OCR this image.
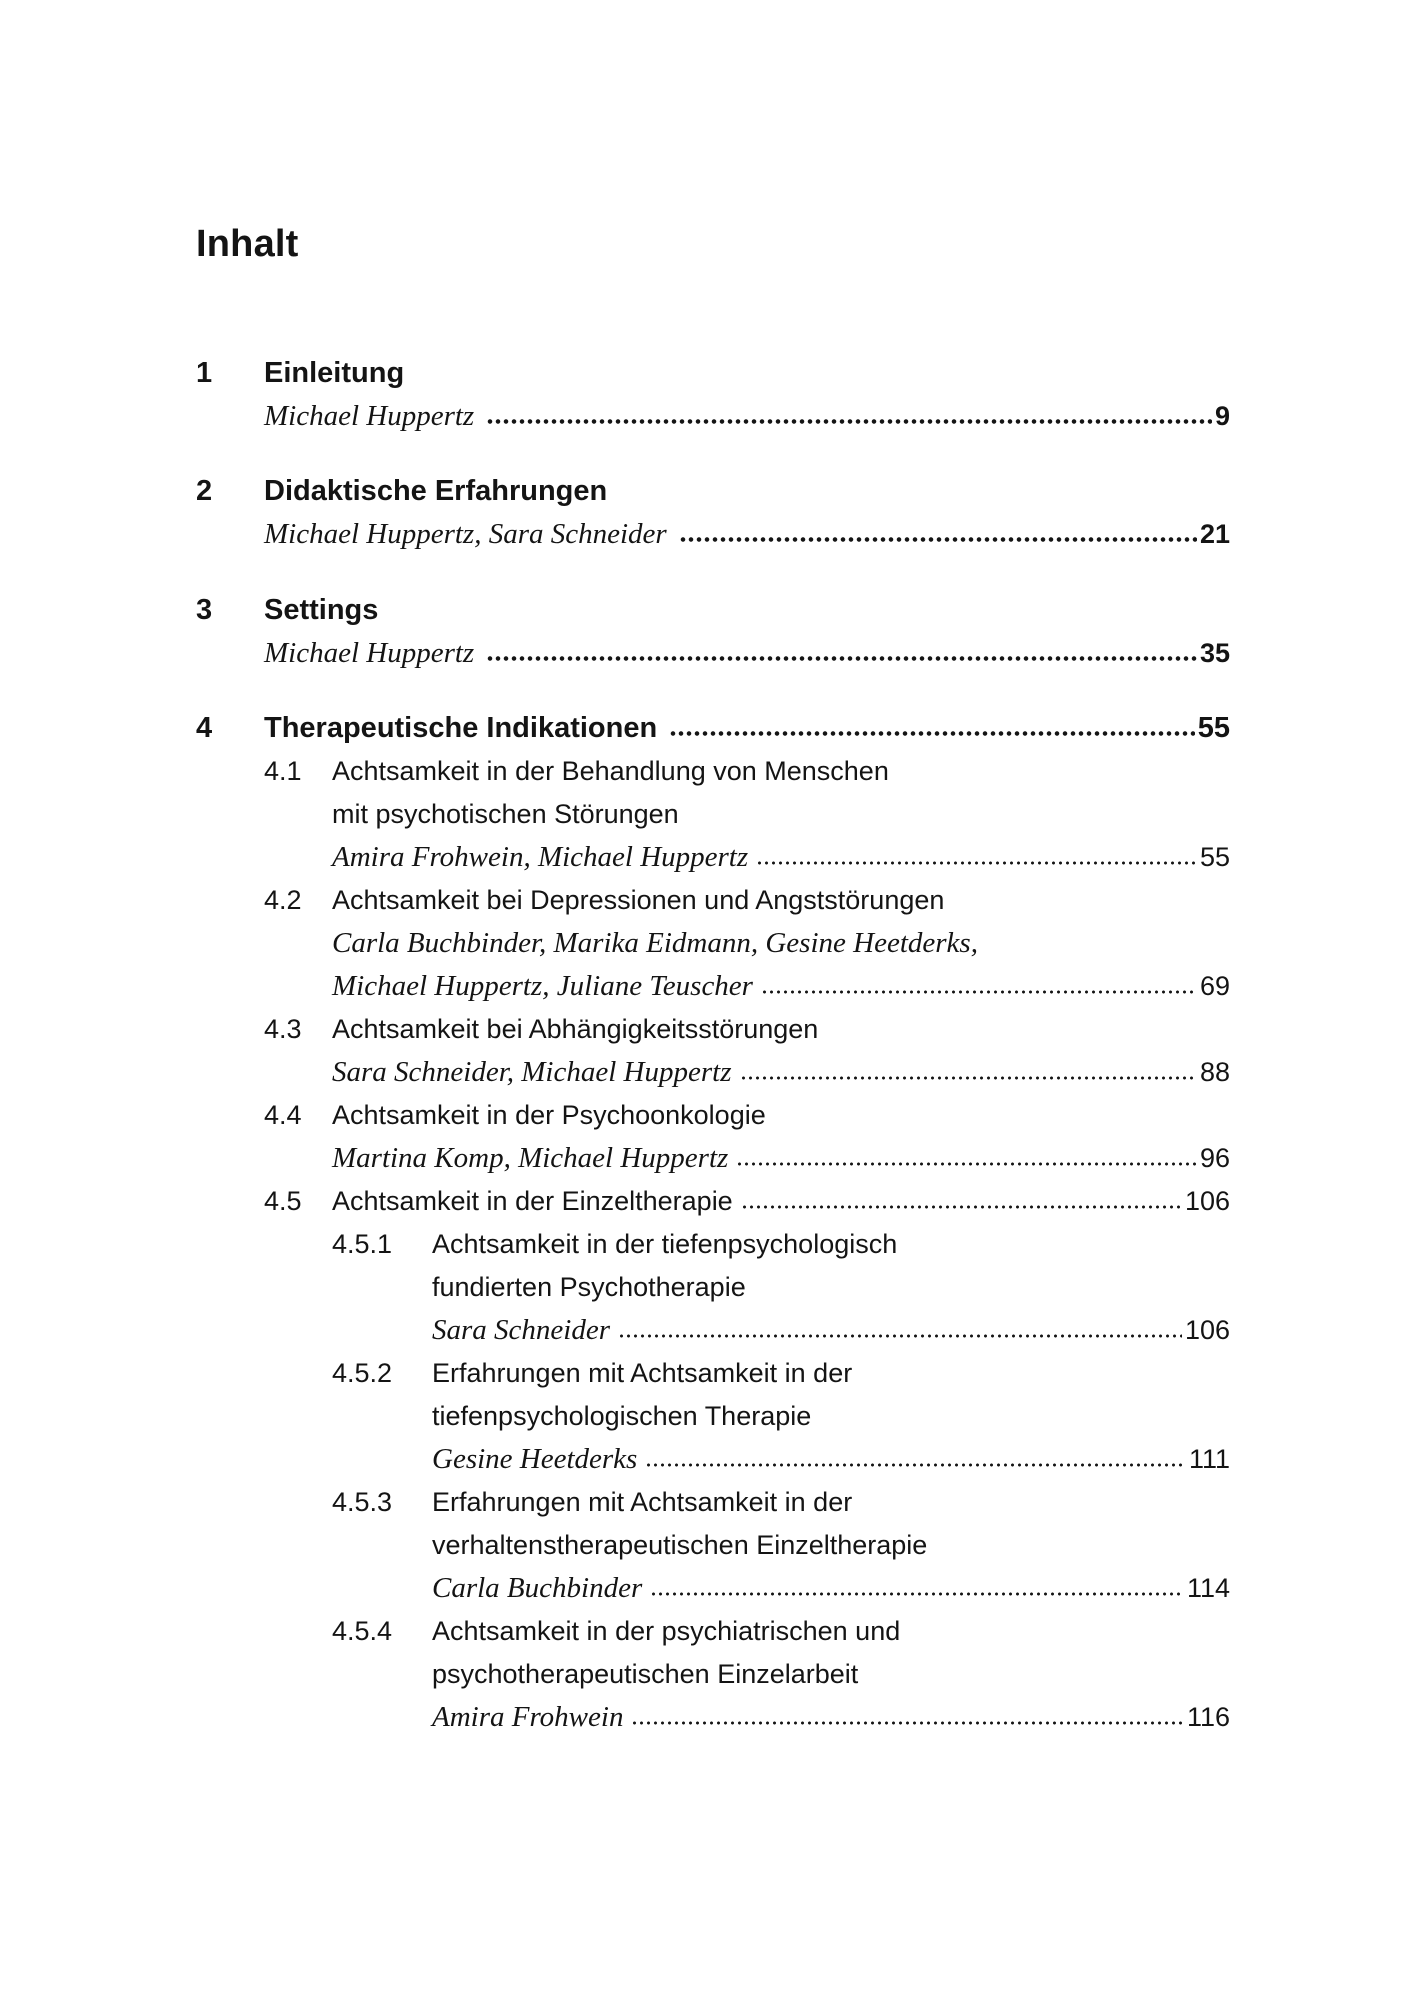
Inhalt
1 Einleitung
Michael Huppertz	9
2 Didaktische Erfahrungen
Michael Huppertz, Sara Schneider	21
3 Settings
Michael Huppertz	35
4 Therapeutische Indikationen	55
4.1 Achtsamkeit in der Behandlung von Menschen
mit psychotischen Störungen
Amira Frohwein, Michael Huppertz	55
4.2 Achtsamkeit bei Depressionen und Angststörungen
Carla Buchbinder, Marika Eidmann, Gesine Heetderks,
Michael Huppertz, Juliane Teuscher	69
4.3 Achtsamkeit bei Abhängigkeitsstörungen
Sara Schneider, Michael Huppertz	88
4.4 Achtsamkeit in der Psychoonkologie
Martina Komp, Michael Huppertz	96
4.5 Achtsamkeit in der Einzeltherapie	106
4.5.1 Achtsamkeit in der tiefenpsychologisch
fundierten Psychotherapie
Sara Schneider	106
4.5.2 Erfahrungen mit Achtsamkeit in der
tiefenpsychologischen Therapie
Gesine Heetderks	111
4.5.3 Erfahrungen mit Achtsamkeit in der
verhaltenstherapeutischen Einzeltherapie
Carla Buchbinder	114
4.5.4 Achtsamkeit in der psychiatrischen und
psychotherapeutischen Einzelarbeit
Amira Frohwein	116
